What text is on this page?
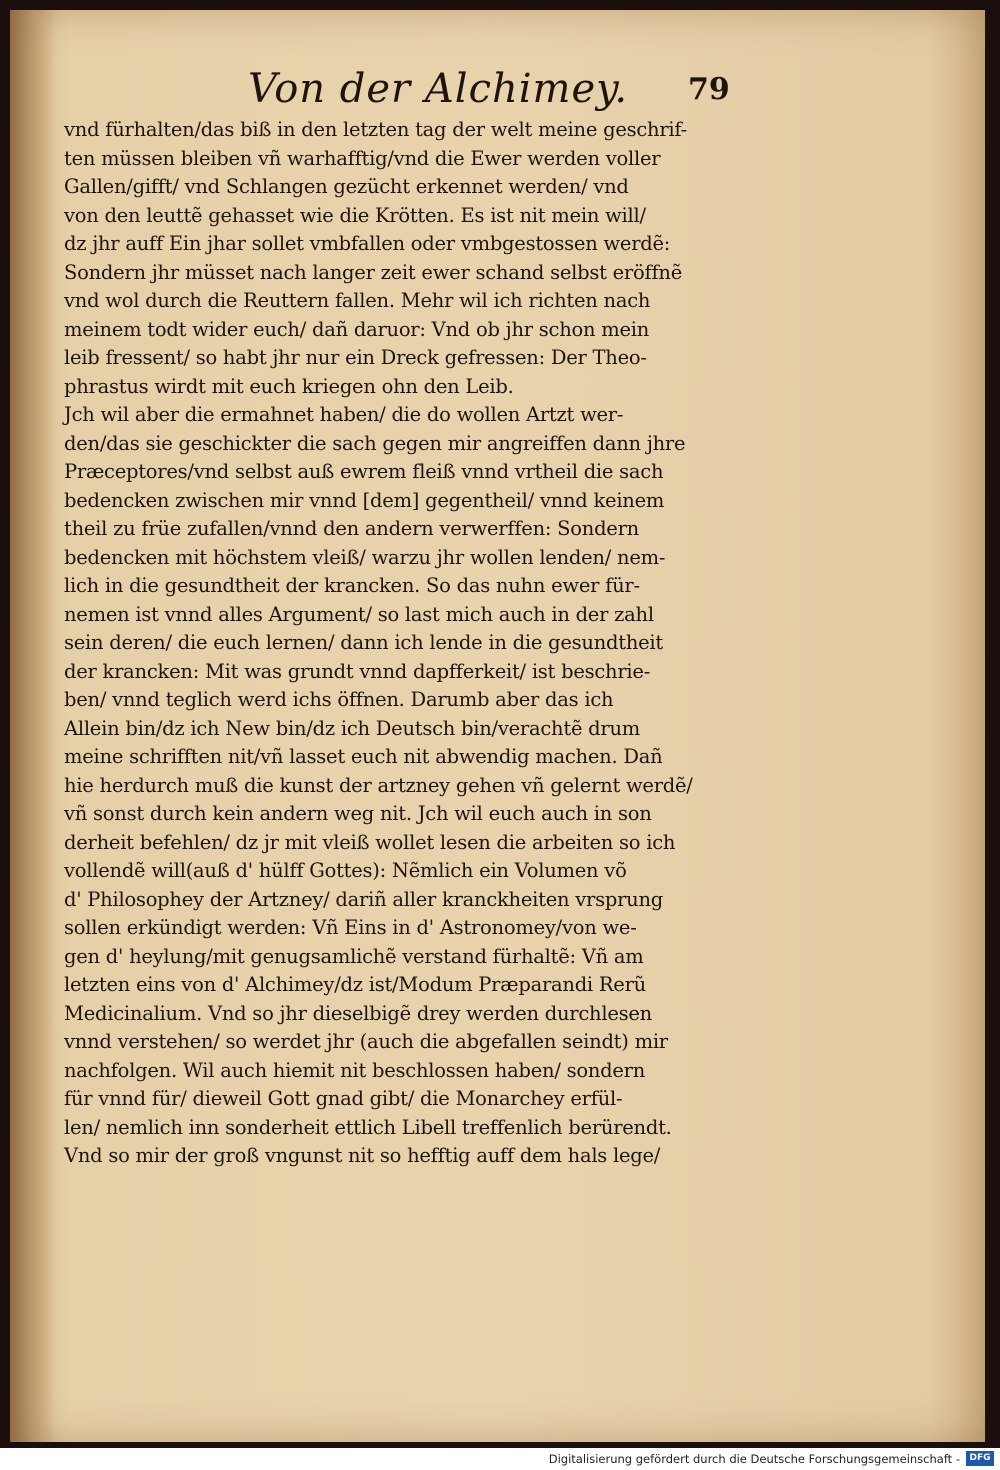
Von der Alchimey. 79
vnd fürhalten/das biß in den letzten tag der welt meine geschrif-
ten müssen bleiben vñ warhafftig/vnd die Ewer werden voller
Gallen/gifft/ vnd Schlangen gezücht erkennet werden/ vnd
von den leuttẽ gehasset wie die Krötten. Es ist nit mein will/
dz jhr auff Ein jhar sollet vmbfallen oder vmbgestossen werdẽ:
Sondern jhr müsset nach langer zeit ewer schand selbst eröffnẽ
vnd wol durch die Reuttern fallen. Mehr wil ich richten nach
meinem todt wider euch/ dañ daruor: Vnd ob jhr schon mein
leib fressent/ so habt jhr nur ein Dreck gefressen: Der Theo-
phrastus wirdt mit euch kriegen ohn den Leib.
Jch wil aber die ermahnet haben/ die do wollen Artzt wer-
den/das sie geschickter die sach gegen mir angreiffen dann jhre
Præceptores/vnd selbst auß ewrem fleiß vnnd vrtheil die sach
bedencken zwischen mir vnnd [dem] gegentheil/ vnnd keinem
theil zu früe zufallen/vnnd den andern verwerffen: Sondern
bedencken mit höchstem vleiß/ warzu jhr wollen lenden/ nem-
lich in die gesundtheit der krancken. So das nuhn ewer für-
nemen ist vnnd alles Argument/ so last mich auch in der zahl
sein deren/ die euch lernen/ dann ich lende in die gesundtheit
der krancken: Mit was grundt vnnd dapfferkeit/ ist beschrie-
ben/ vnnd teglich werd ichs öffnen. Darumb aber das ich
Allein bin/dz ich New bin/dz ich Deutsch bin/verachtẽ drum
meine schrifften nit/vñ lasset euch nit abwendig machen. Dañ
hie herdurch muß die kunst der artzney gehen vñ gelernt werdẽ/
vñ sonst durch kein andern weg nit. Jch wil euch auch in son
derheit befehlen/ dz jr mit vleiß wollet lesen die arbeiten so ich
vollendẽ will(auß d' hülff Gottes): Nẽmlich ein Volumen võ
d' Philosophey der Artzney/ dariñ aller kranckheiten vrsprung
sollen erkündigt werden: Vñ Eins in d' Astronomey/von we-
gen d' heylung/mit genugsamlichẽ verstand fürhaltẽ: Vñ am
letzten eins von d' Alchimey/dz ist/Modum Præparandi Rerũ
Medicinalium. Vnd so jhr dieselbigẽ drey werden durchlesen
vnnd verstehen/ so werdet jhr (auch die abgefallen seindt) mir
nachfolgen. Wil auch hiemit nit beschlossen haben/ sondern
für vnnd für/ dieweil Gott gnad gibt/ die Monarchey erfül-
len/ nemlich inn sonderheit ettlich Libell treffenlich berürendt.
Vnd so mir der groß vngunst nit so hefftig auff dem hals lege/
Digitalisierung gefördert durch die Deutsche Forschungsgemeinschaft -	DFG
